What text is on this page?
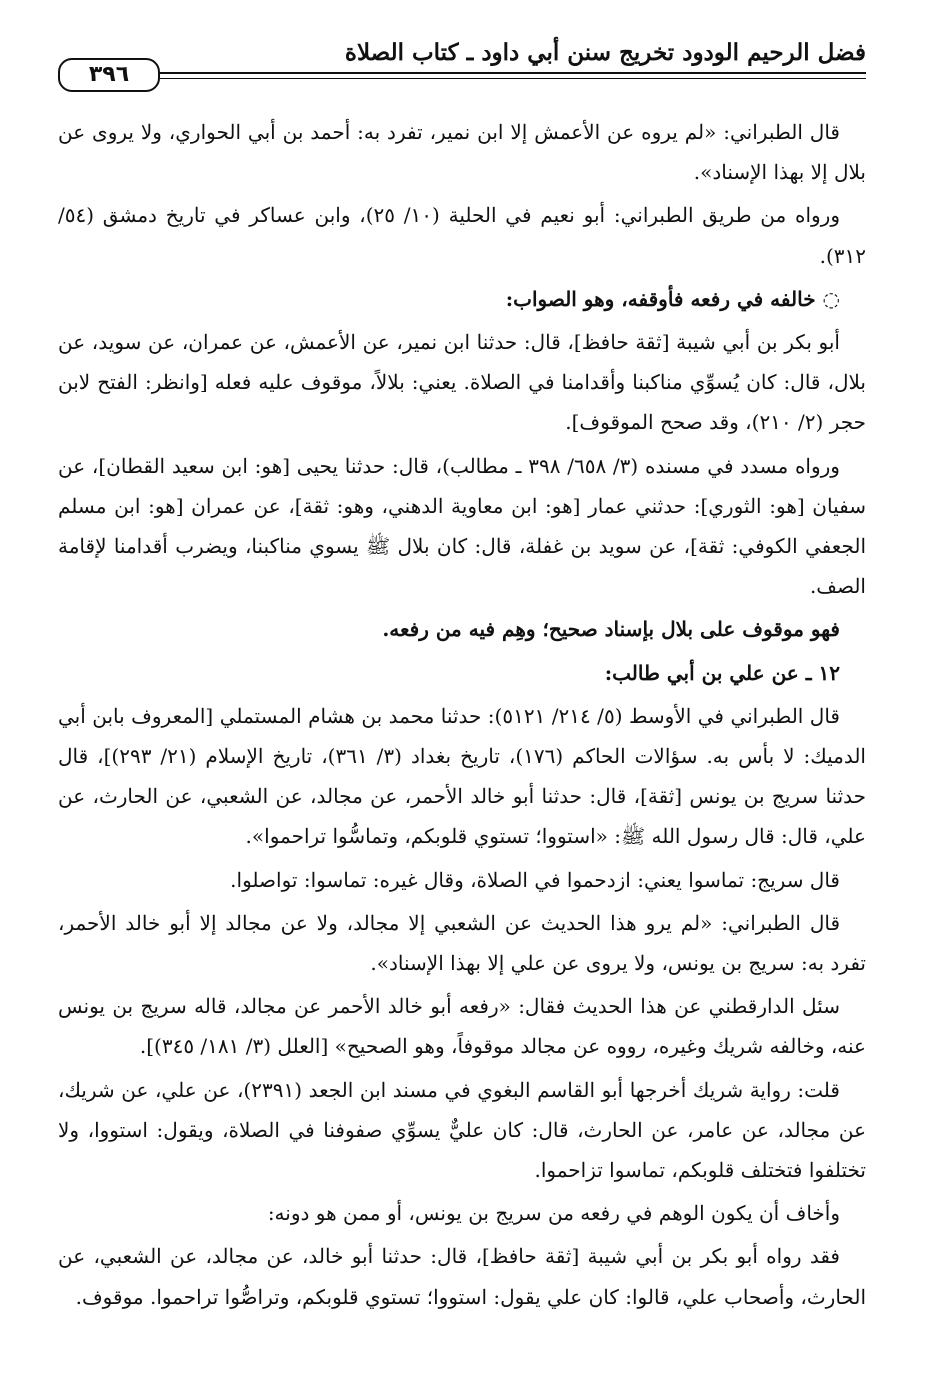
فضل الرحيم الودود تخريج سنن أبي داود ـ كتاب الصلاة
٣٩٦

قال الطبراني: «لم يروه عن الأعمش إلا ابن نمير، تفرد به: أحمد بن أبي الحواري، ولا يروى عن بلال إلا بهذا الإسناد».

ورواه من طريق الطبراني: أبو نعيم في الحلية (١٠/ ٢٥)، وابن عساكر في تاريخ دمشق (٥٤/ ٣١٢).

◌ خالفه في رفعه فأوقفه، وهو الصواب:

أبو بكر بن أبي شيبة [ثقة حافظ]، قال: حدثنا ابن نمير، عن الأعمش، عن عمران، عن سويد، عن بلال، قال: كان يُسوِّي مناكبنا وأقدامنا في الصلاة. يعني: بلالاً، موقوف عليه فعله [وانظر: الفتح لابن حجر (٢/ ٢١٠)، وقد صحح الموقوف].

ورواه مسدد في مسنده (٣/ ٦٥٨/ ٣٩٨ ـ مطالب)، قال: حدثنا يحيى [هو: ابن سعيد القطان]، عن سفيان [هو: الثوري]: حدثني عمار [هو: ابن معاوية الدهني، وهو: ثقة]، عن عمران [هو: ابن مسلم الجعفي الكوفي: ثقة]، عن سويد بن غفلة، قال: كان بلال ﷺ يسوي مناكبنا، ويضرب أقدامنا لإقامة الصف.

فهو موقوف على بلال بإسناد صحيح؛ وهِم فيه من رفعه.

١٢ ـ عن علي بن أبي طالب:

قال الطبراني في الأوسط (٥/ ٢١٤/ ٥١٢١): حدثنا محمد بن هشام المستملي [المعروف بابن أبي الدميك: لا بأس به. سؤالات الحاكم (١٧٦)، تاريخ بغداد (٣/ ٣٦١)، تاريخ الإسلام (٢١/ ٢٩٣)]، قال حدثنا سريج بن يونس [ثقة]، قال: حدثنا أبو خالد الأحمر، عن مجالد، عن الشعبي، عن الحارث، عن علي، قال: قال رسول الله ﷺ: «استووا؛ تستوي قلوبكم، وتماسُّوا تراحموا».

قال سريج: تماسوا يعني: ازدحموا في الصلاة، وقال غيره: تماسوا: تواصلوا.

قال الطبراني: «لم يرو هذا الحديث عن الشعبي إلا مجالد، ولا عن مجالد إلا أبو خالد الأحمر، تفرد به: سريج بن يونس، ولا يروى عن علي إلا بهذا الإسناد».

سئل الدارقطني عن هذا الحديث فقال: «رفعه أبو خالد الأحمر عن مجالد، قاله سريج بن يونس عنه، وخالفه شريك وغيره، رووه عن مجالد موقوفاً، وهو الصحيح» [العلل (٣/ ١٨١/ ٣٤٥)].

قلت: رواية شريك أخرجها أبو القاسم البغوي في مسند ابن الجعد (٢٣٩١)، عن علي، عن شريك، عن مجالد، عن عامر، عن الحارث، قال: كان عليٌّ يسوِّي صفوفنا في الصلاة، ويقول: استووا، ولا تختلفوا فتختلف قلوبكم، تماسوا تزاحموا.

وأخاف أن يكون الوهم في رفعه من سريج بن يونس، أو ممن هو دونه:

فقد رواه أبو بكر بن أبي شيبة [ثقة حافظ]، قال: حدثنا أبو خالد، عن مجالد، عن الشعبي، عن الحارث، وأصحاب علي، قالوا: كان علي يقول: استووا؛ تستوي قلوبكم، وتراصُّوا تراحموا. موقوف.
